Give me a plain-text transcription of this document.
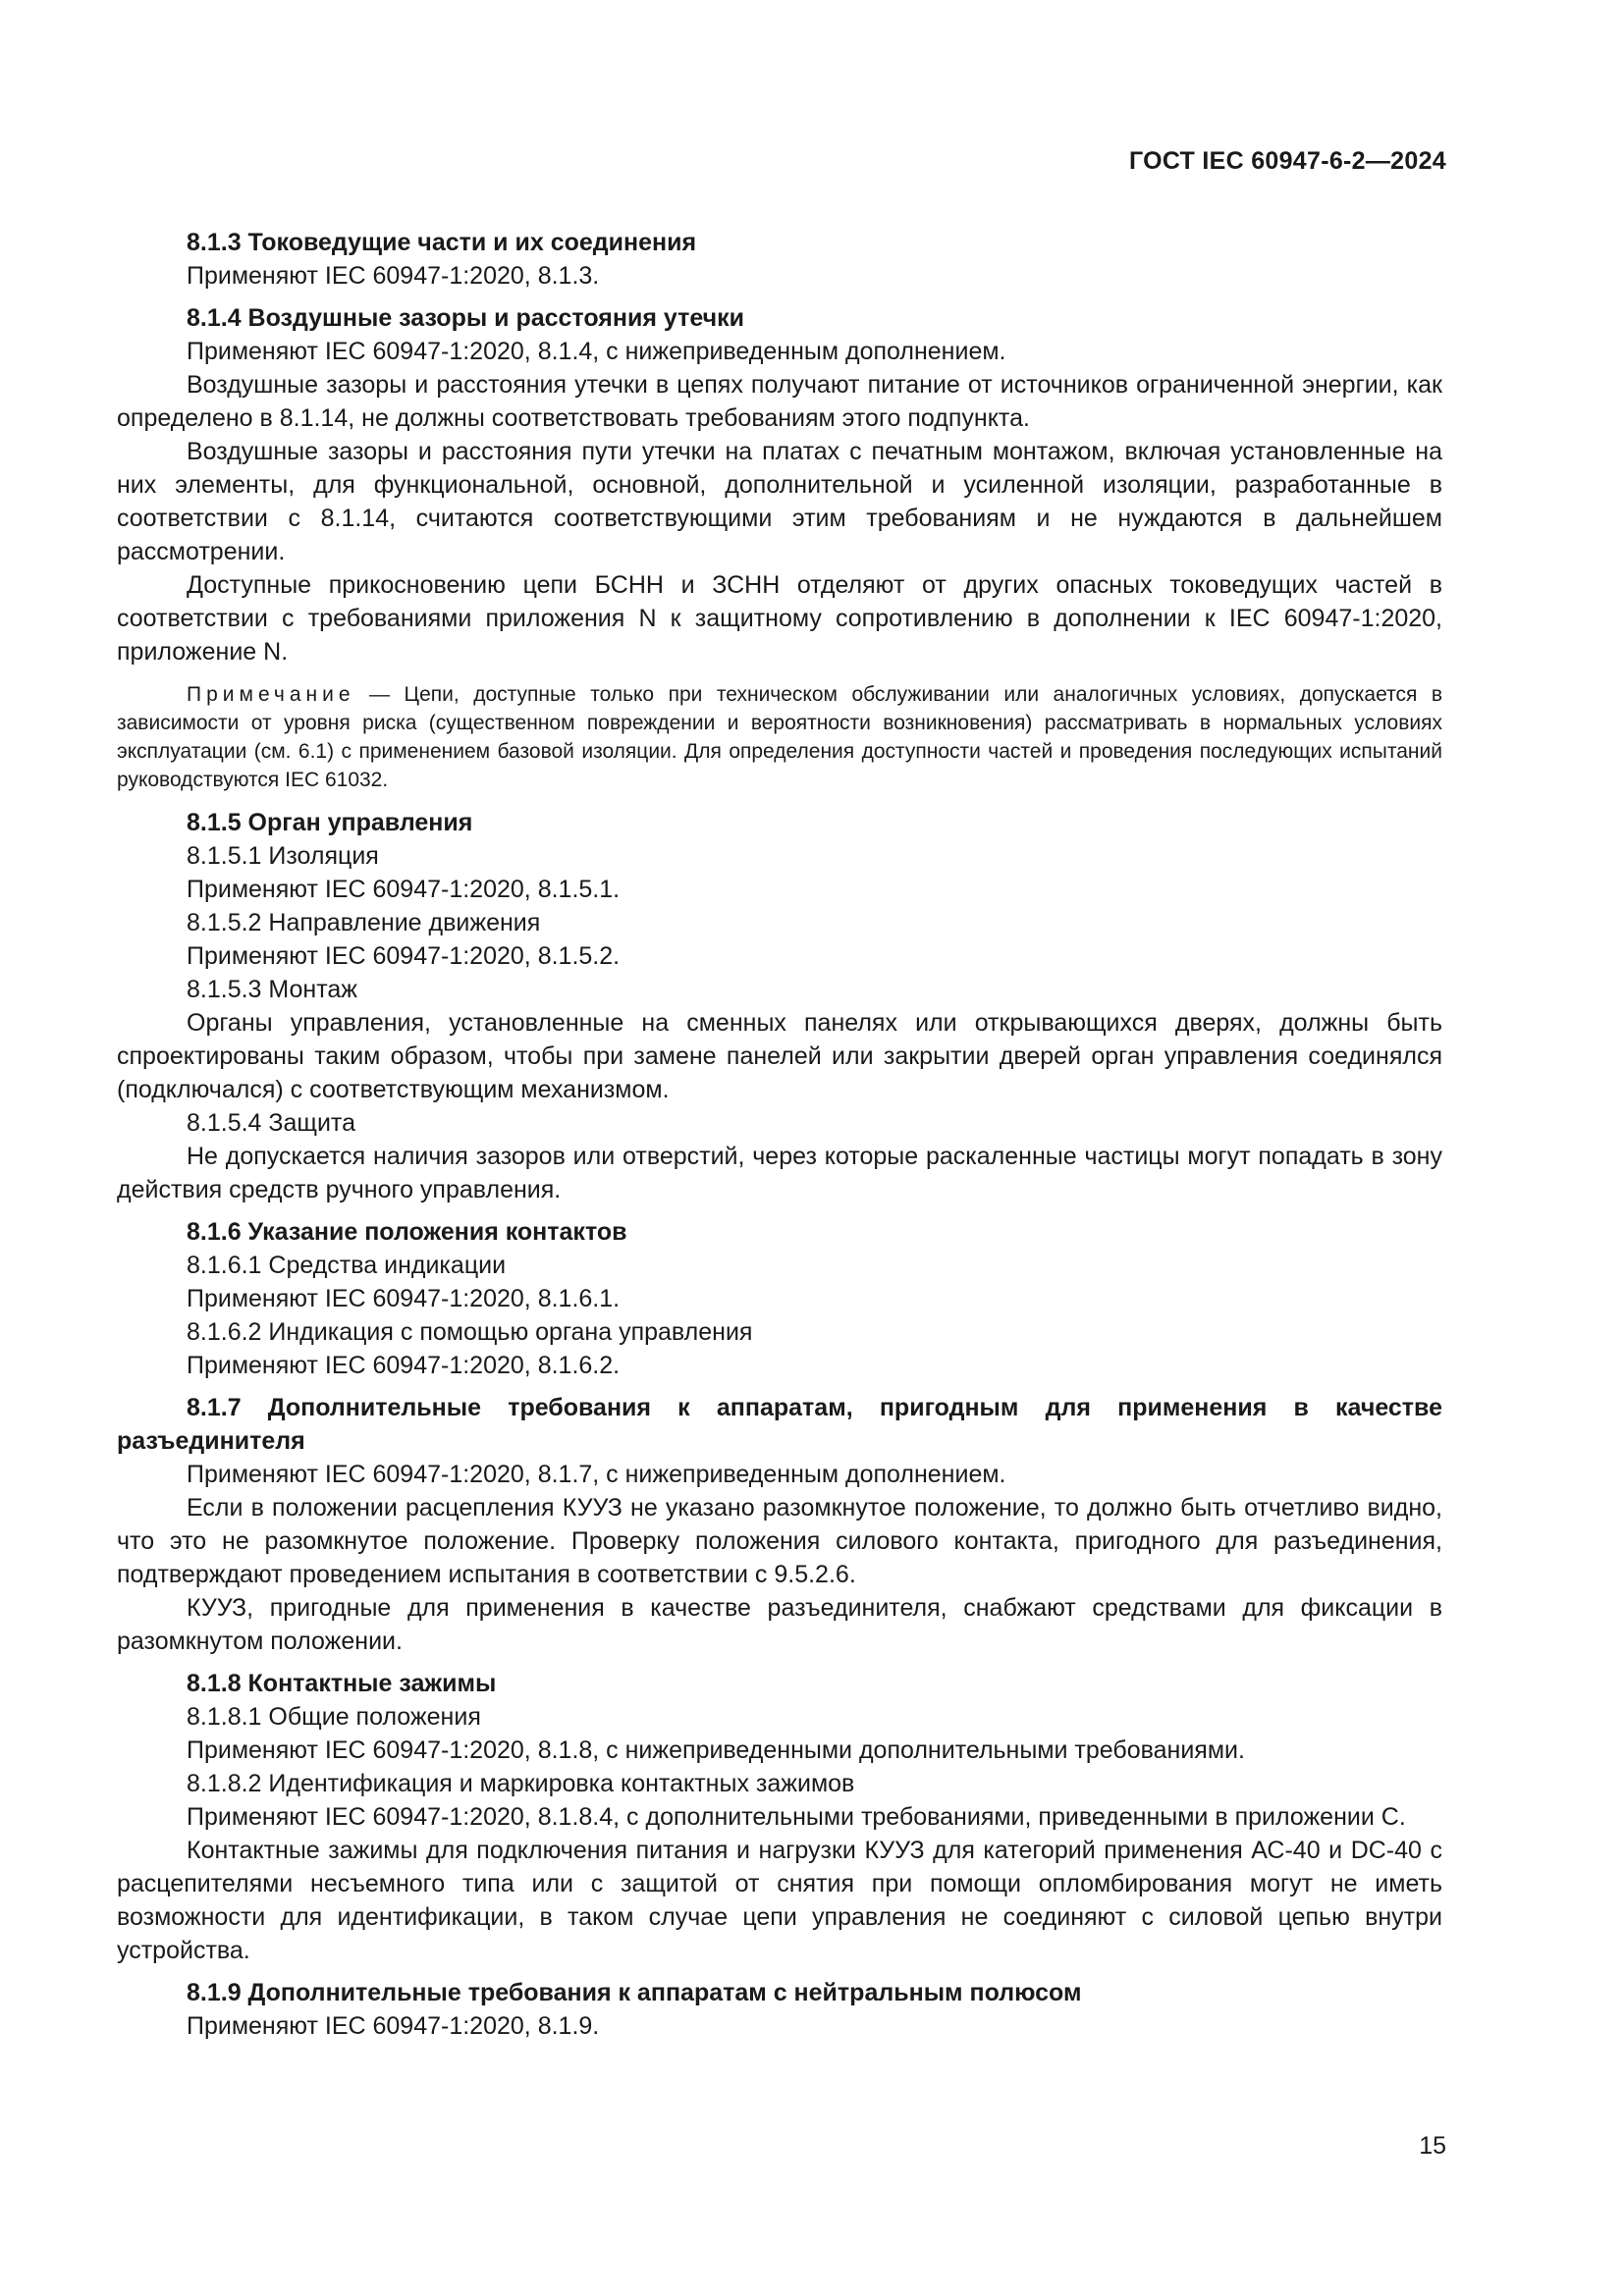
ГОСТ IEC 60947-6-2—2024

8.1.3 Токоведущие части и их соединения

Применяют IEC 60947-1:2020, 8.1.3.

8.1.4 Воздушные зазоры и расстояния утечки

Применяют IEC 60947-1:2020, 8.1.4, с нижеприведенным дополнением.

Воздушные зазоры и расстояния утечки в цепях получают питание от источников ограниченной энергии, как определено в 8.1.14, не должны соответствовать требованиям этого подпункта.

Воздушные зазоры и расстояния пути утечки на платах с печатным монтажом, включая установленные на них элементы, для функциональной, основной, дополнительной и усиленной изоляции, разработанные в соответствии с 8.1.14, считаются соответствующими этим требованиям и не нуждаются в дальнейшем рассмотрении.

Доступные прикосновению цепи БСНН и ЗСНН отделяют от других опасных токоведущих частей в соответствии с требованиями приложения N к защитному сопротивлению в дополнении к IEC 60947-1:2020, приложение N.

Примечание — Цепи, доступные только при техническом обслуживании или аналогичных условиях, допускается в зависимости от уровня риска (существенном повреждении и вероятности возникновения) рассматривать в нормальных условиях эксплуатации (см. 6.1) с применением базовой изоляции. Для определения доступности частей и проведения последующих испытаний руководствуются IEC 61032.

8.1.5 Орган управления

8.1.5.1 Изоляция

Применяют IEC 60947-1:2020, 8.1.5.1.

8.1.5.2 Направление движения

Применяют IEC 60947-1:2020, 8.1.5.2.

8.1.5.3 Монтаж

Органы управления, установленные на сменных панелях или открывающихся дверях, должны быть спроектированы таким образом, чтобы при замене панелей или закрытии дверей орган управления соединялся (подключался) с соответствующим механизмом.

8.1.5.4 Защита

Не допускается наличия зазоров или отверстий, через которые раскаленные частицы могут попадать в зону действия средств ручного управления.

8.1.6 Указание положения контактов

8.1.6.1 Средства индикации

Применяют IEC 60947-1:2020, 8.1.6.1.

8.1.6.2 Индикация с помощью органа управления

Применяют IEC 60947-1:2020, 8.1.6.2.

8.1.7 Дополнительные требования к аппаратам, пригодным для применения в качестве разъединителя

Применяют IEC 60947-1:2020, 8.1.7, с нижеприведенным дополнением.

Если в положении расцепления КУУЗ не указано разомкнутое положение, то должно быть отчетливо видно, что это не разомкнутое положение. Проверку положения силового контакта, пригодного для разъединения, подтверждают проведением испытания в соответствии с 9.5.2.6.

КУУЗ, пригодные для применения в качестве разъединителя, снабжают средствами для фиксации в разомкнутом положении.

8.1.8 Контактные зажимы

8.1.8.1 Общие положения

Применяют IEC 60947-1:2020, 8.1.8, с нижеприведенными дополнительными требованиями.

8.1.8.2 Идентификация и маркировка контактных зажимов

Применяют IEC 60947-1:2020, 8.1.8.4, с дополнительными требованиями, приведенными в приложении С.

Контактные зажимы для подключения питания и нагрузки КУУЗ для категорий применения АС-40 и DC-40 с расцепителями несъемного типа или с защитой от снятия при помощи опломбирования могут не иметь возможности для идентификации, в таком случае цепи управления не соединяют с силовой цепью внутри устройства.

8.1.9 Дополнительные требования к аппаратам с нейтральным полюсом

Применяют IEC 60947-1:2020, 8.1.9.

15
